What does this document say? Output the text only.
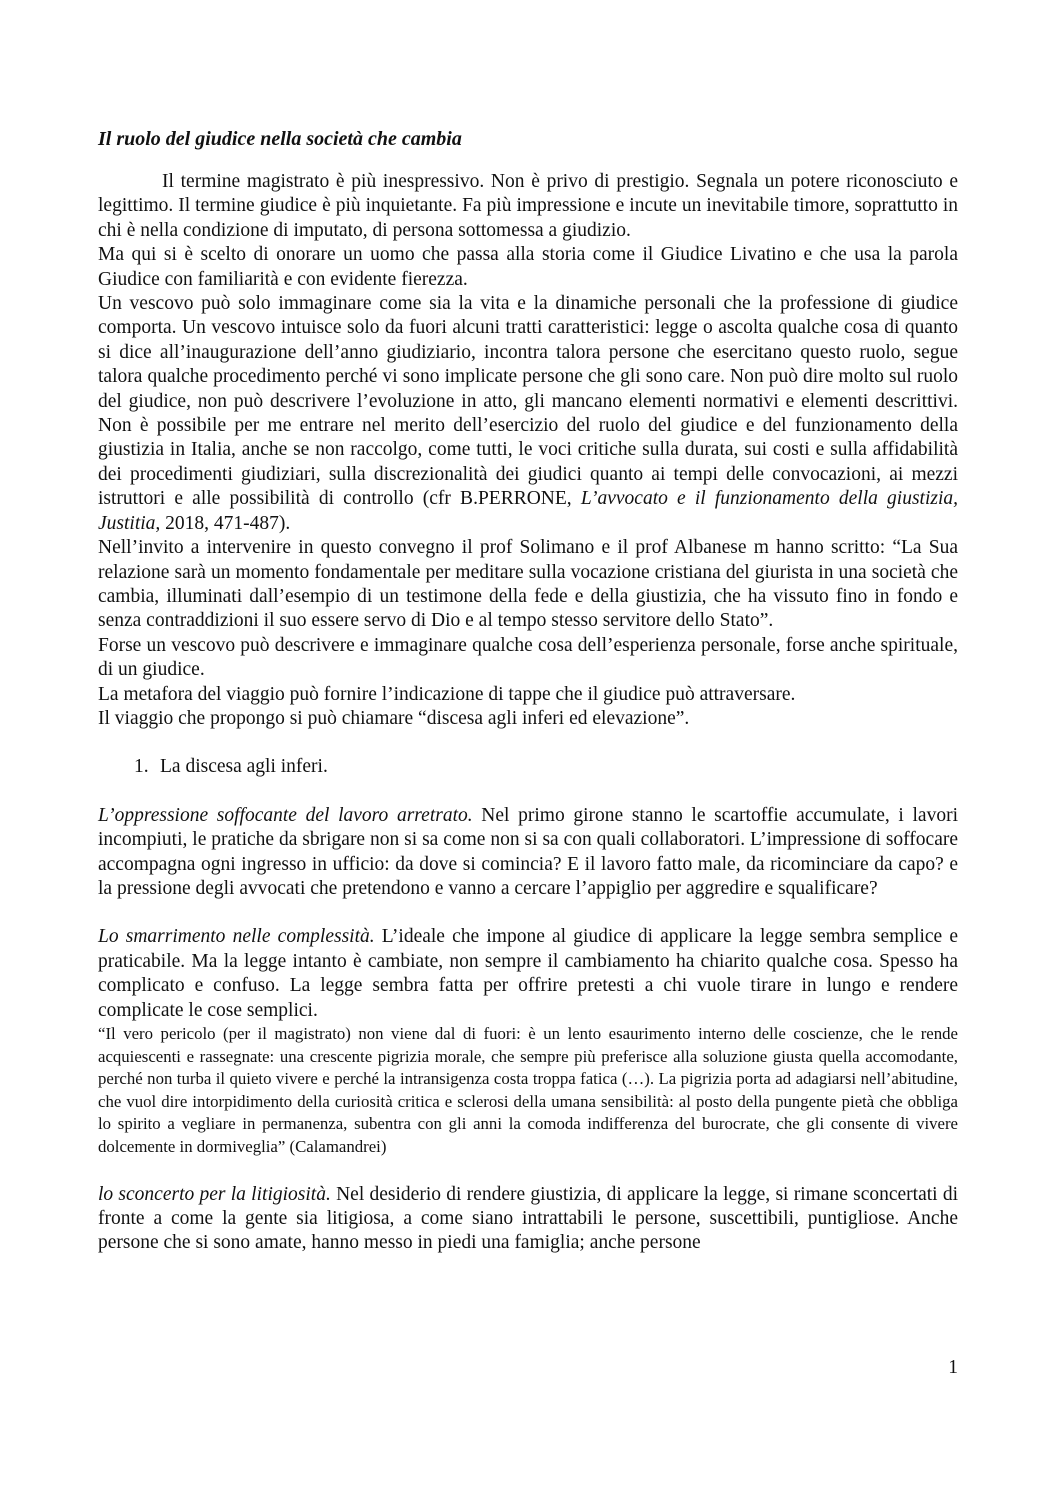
Il ruolo del giudice nella società che cambia

Il termine magistrato è più inespressivo. Non è privo di prestigio. Segnala un potere riconosciuto e legittimo. Il termine giudice è più inquietante. Fa più impressione e incute un inevitabile timore, soprattutto in chi è nella condizione di imputato, di persona sottomessa a giudizio.

Ma qui si è scelto di onorare un uomo che passa alla storia come il Giudice Livatino e che usa la parola Giudice con familiarità e con evidente fierezza.

Un vescovo può solo immaginare come sia la vita e la dinamiche personali che la professione di giudice comporta. Un vescovo intuisce solo da fuori alcuni tratti caratteristici: legge o ascolta qualche cosa di quanto si dice all’inaugurazione dell’anno giudiziario, incontra talora persone che esercitano questo ruolo, segue talora qualche procedimento perché vi sono implicate persone che gli sono care. Non può dire molto sul ruolo del giudice, non può descrivere l’evoluzione in atto, gli mancano elementi normativi e elementi descrittivi. Non è possibile per me entrare nel merito dell’esercizio del ruolo del giudice e del funzionamento della giustizia in Italia, anche se non raccolgo, come tutti, le voci critiche sulla durata, sui costi e sulla affidabilità dei procedimenti giudiziari, sulla discrezionalità dei giudici quanto ai tempi delle convocazioni, ai mezzi istruttori e alle possibilità di controllo (cfr B.PERRONE, L’avvocato e il funzionamento della giustizia, Justitia, 2018, 471-487).

Nell’invito a intervenire in questo convegno il prof Solimano e il prof Albanese m hanno scritto: “La Sua relazione sarà un momento fondamentale per meditare sulla vocazione cristiana del giurista in una società che cambia, illuminati dall’esempio di un testimone della fede e della giustizia, che ha vissuto fino in fondo e senza contraddizioni il suo essere servo di Dio e al tempo stesso servitore dello Stato”.

Forse un vescovo può descrivere e immaginare qualche cosa dell’esperienza personale, forse anche spirituale, di un giudice.

La metafora del viaggio può fornire l’indicazione di tappe che il giudice può attraversare.

Il viaggio che propongo si può chiamare “discesa agli inferi ed elevazione”.

1. La discesa agli inferi.

L’oppressione soffocante del lavoro arretrato. Nel primo girone stanno le scartoffie accumulate, i lavori incompiuti, le pratiche da sbrigare non si sa come non si sa con quali collaboratori. L’impressione di soffocare accompagna ogni ingresso in ufficio: da dove si comincia? E il lavoro fatto male, da ricominciare da capo? e la pressione degli avvocati che pretendono e vanno a cercare l’appiglio per aggredire e squalificare?

Lo smarrimento nelle complessità. L’ideale che impone al giudice di applicare la legge sembra semplice e praticabile. Ma la legge intanto è cambiate, non sempre il cambiamento ha chiarito qualche cosa. Spesso ha complicato e confuso. La legge sembra fatta per offrire pretesti a chi vuole tirare in lungo e rendere complicate le cose semplici.

“Il vero pericolo (per il magistrato) non viene dal di fuori: è un lento esaurimento interno delle coscienze, che le rende acquiescenti e rassegnate: una crescente pigrizia morale, che sempre più preferisce alla soluzione giusta quella accomodante, perché non turba il quieto vivere e perché la intransigenza costa troppa fatica (…). La pigrizia porta ad adagiarsi nell’abitudine, che vuol dire intorpidimento della curiosità critica e sclerosi della umana sensibilità: al posto della pungente pietà che obbliga lo spirito a vegliare in permanenza, subentra con gli anni la comoda indifferenza del burocrate, che gli consente di vivere dolcemente in dormiveglia” (Calamandrei)

lo sconcerto per la litigiosità. Nel desiderio di rendere giustizia, di applicare la legge, si rimane sconcertati di fronte a come la gente sia litigiosa, a come siano intrattabili le persone, suscettibili, puntigliose. Anche persone che si sono amate, hanno messo in piedi una famiglia; anche persone

1
